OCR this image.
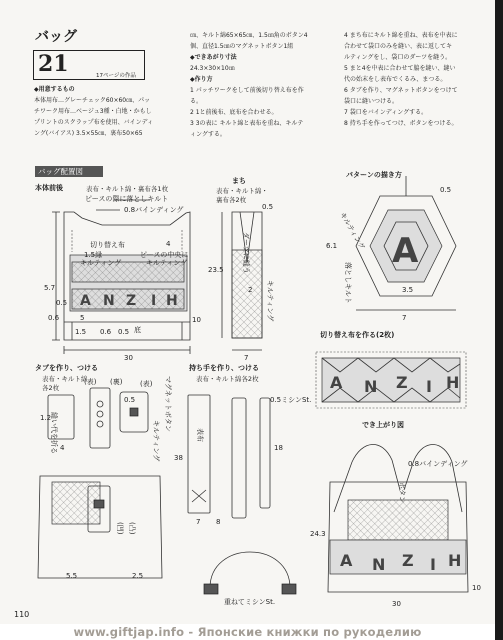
バッグ
21	17ページの作品
◆用意するもの
本体用布…グレーチェック60×60㎝、パッ
チワーク用布…ベージュ3種・白地・かもし
プリントのスクラップ布を使用、バインディ
ング(バイアス) 3.5×55㎝、裏布50×65
㎝、キルト綿65×65㎝、1.5㎝角のボタン4
個、直径1.5㎝のマグネットボタン1組
◆できあがり寸法
24.3×30×10㎝
◆作り方
1 パッチワークをして前後切り替え布を作
る。
2 1と前後布、底布を合わせる。
3 3の表に キルト綿と表布を重ね、キルテ
ィングする。
4 まち布にキルト綿を重ね、表布を中表に
合わせて袋口のみを縫い、表に返してキ
ルティングをし、袋口のダーツを縫う。
5 まと4を中表に合わせて脇を縫い、縫い
代の始末をし表布でくるみ、まつる。
6 タブを作り、マグネットボタンをつけて
袋口に縫いつける。
7 袋口をバインディングする。
8 持ち手を作ってつけ、ボタンをつける。
バッグ配置図
本体前後	表布・キルト綿・裏布各1枚
まち
表布・キルト綿・
裏布各2枚
パターンの描き方
切り替え布を作る(2枚)
タブを作り、つける
表布・キルト綿
各2枚
持ち手を作り、つける
表布・キルト綿各2枚
でき上がり図
ピースの際に落としキルト
0.8バインディング
1.5縁
キルティング
ピースの中央に
キルティング
底
切り替え布
5.7
0.5
0.6	5
1.5 0.6 0.5
4
30
10
A N Z I H
ダーツに縫う
キルティング
0.5
23.5
2
7
A
キルティング
落としキルト
0.5
6.1
3.5
7
A N Z I H
縫い代を折る
(表) (裏)	(表)
0.5
キルティング
マグネットボタン
1.2
4
表布
0.5ミシンSt.
38
18
8
7
(凹) (凸)
5.5	2.5
重ねてミシンSt.
A N Z I H
0.8バインディング
ボタン
24.3
30
10
110
www.giftjap.info - Японские книжки по рукоделию
